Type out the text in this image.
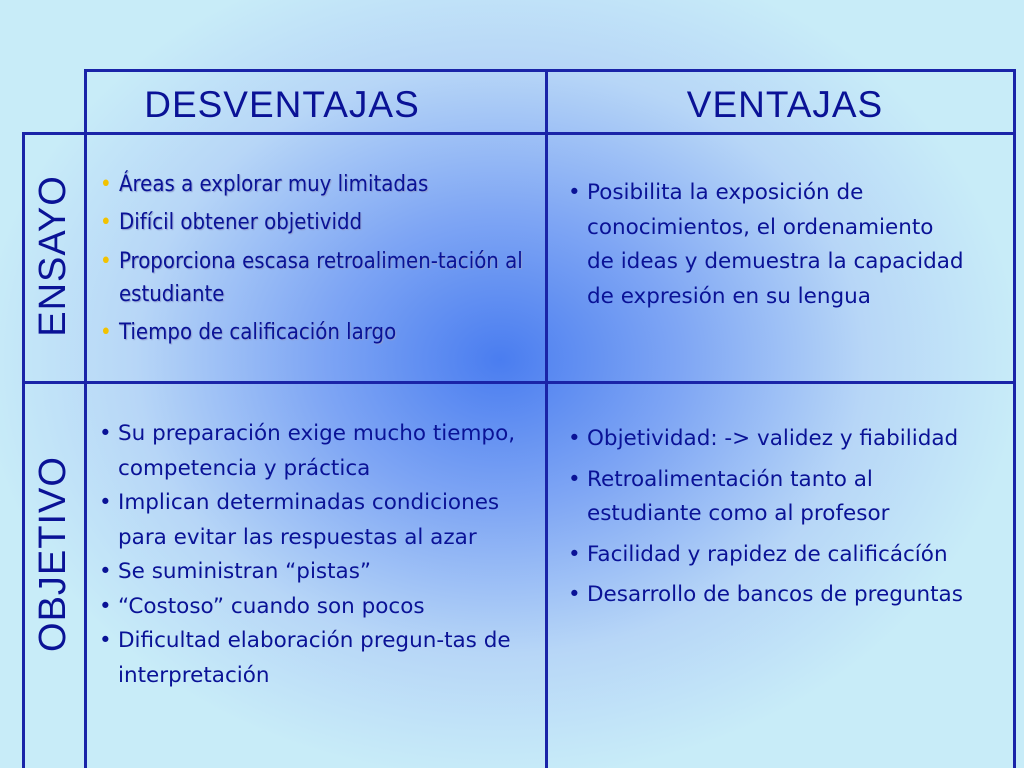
DESVENTAJAS	VENTAJAS
ENSAYO
OBJETIVO
• Áreas a explorar muy limitadas
• Difícil obtener objetividd
• Proporciona escasa retroalimen-tación al estudiante
• Tiempo de calificación largo
• Posibilita la exposición de conocimientos, el ordenamiento de ideas y demuestra la capacidad de expresión en su lengua
• Su preparación exige mucho tiempo, competencia y práctica
• Implican determinadas condiciones para evitar las respuestas al azar
• Se suministran “pistas”
• “Costoso” cuando son pocos
• Dificultad elaboración pregun-tas de interpretación
• Objetividad: -> validez y fiabilidad
• Retroalimentación tanto al estudiante como al profesor
• Facilidad y rapidez de calificácíón
• Desarrollo de bancos de preguntas
